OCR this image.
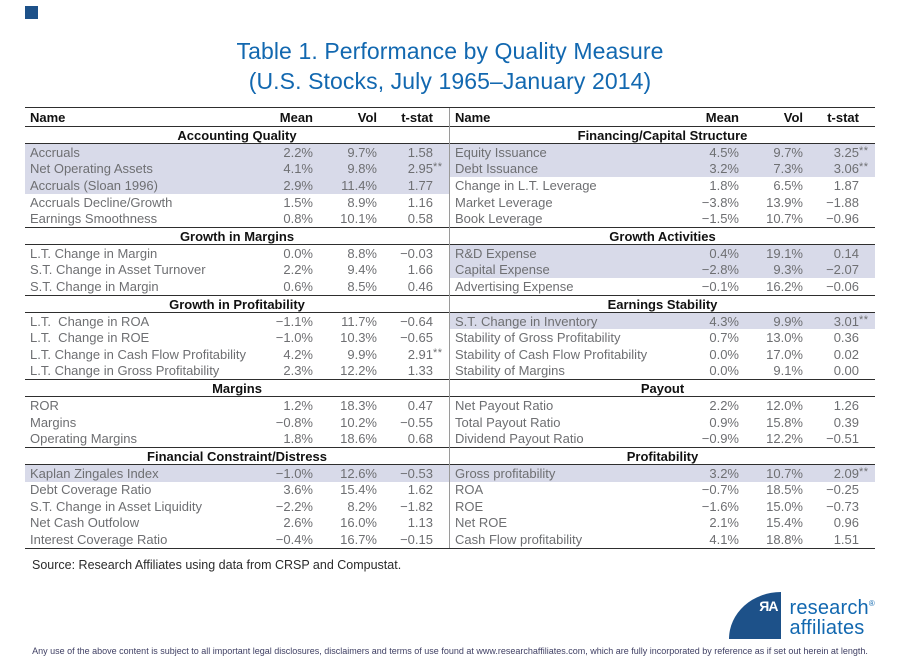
Table 1. Performance by Quality Measure
(U.S. Stocks, July 1965–January 2014)
Name	Mean	Vol	t-stat
Accounting Quality
Accruals	2.2%	9.7%	1.58
Net Operating Assets	4.1%	9.8%	2.95**
Accruals (Sloan 1996)	2.9%	11.4%	1.77
Accruals Decline/Growth	1.5%	8.9%	1.16
Earnings Smoothness	0.8%	10.1%	0.58
Growth in Margins
L.T. Change in Margin	0.0%	8.8%	−0.03
S.T. Change in Asset Turnover	2.2%	9.4%	1.66
S.T. Change in Margin	0.6%	8.5%	0.46
Growth in Profitability
L.T.  Change in ROA	−1.1%	11.7%	−0.64
L.T.  Change in ROE	−1.0%	10.3%	−0.65
L.T. Change in Cash Flow Profitability	4.2%	9.9%	2.91**
L.T. Change in Gross Profitability	2.3%	12.2%	1.33
Margins
ROR	1.2%	18.3%	0.47
Margins	−0.8%	10.2%	−0.55
Operating Margins	1.8%	18.6%	0.68
Financial Constraint/Distress
Kaplan Zingales Index	−1.0%	12.6%	−0.53
Debt Coverage Ratio	3.6%	15.4%	1.62
S.T. Change in Asset Liquidity	−2.2%	8.2%	−1.82
Net Cash Outfolow	2.6%	16.0%	1.13
Interest Coverage Ratio	−0.4%	16.7%	−0.15
Name	Mean	Vol	t-stat
Financing/Capital Structure
Equity Issuance	4.5%	9.7%	3.25**
Debt Issuance	3.2%	7.3%	3.06**
Change in L.T. Leverage	1.8%	6.5%	1.87
Market Leverage	−3.8%	13.9%	−1.88
Book Leverage	−1.5%	10.7%	−0.96
Growth Activities
R&D Expense	0.4%	19.1%	0.14
Capital Expense	−2.8%	9.3%	−2.07
Advertising Expense	−0.1%	16.2%	−0.06
Earnings Stability
S.T. Change in Inventory	4.3%	9.9%	3.01**
Stability of Gross Profitability	0.7%	13.0%	0.36
Stability of Cash Flow Profitability	0.0%	17.0%	0.02
Stability of Margins	0.0%	9.1%	0.00
Payout
Net Payout Ratio	2.2%	12.0%	1.26
Total Payout Ratio	0.9%	15.8%	0.39
Dividend Payout Ratio	−0.9%	12.2%	−0.51
Profitability
Gross profitability	3.2%	10.7%	2.09**
ROA	−0.7%	18.5%	−0.25
ROE	−1.6%	15.0%	−0.73
Net ROE	2.1%	15.4%	0.96
Cash Flow profitability	4.1%	18.8%	1.51
Source: Research Affiliates using data from CRSP and Compustat.
ЯA research®
affiliates
Any use of the above content is subject to all important legal disclosures, disclaimers and terms of use found at www.researchaffiliates.com, which are fully incorporated by reference as if set out herein at length.
